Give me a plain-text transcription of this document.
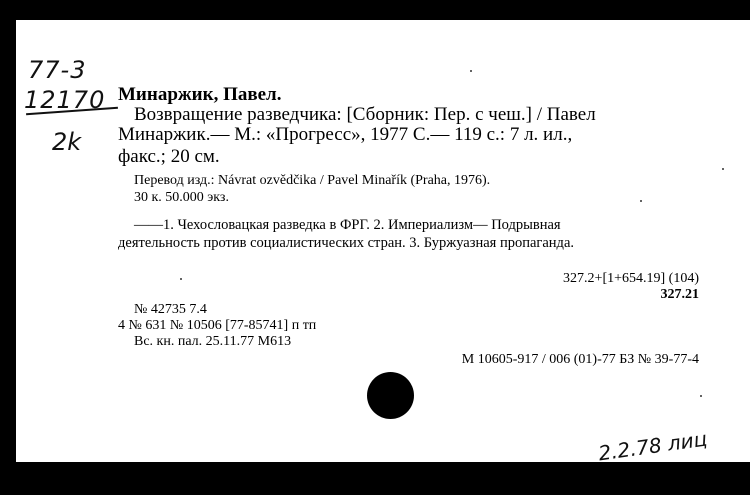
77-3
12170
2k
Минаржик, Павел.
Возвращение разведчика: [Сборник: Пер. с чеш.] / Павел
Минаржик.— М.: «Прогресс», 1977 С.— 119 с.: 7 л. ил.,
факс.; 20 см.
Перевод изд.: Návrat ozvědčika / Pavel Minařík (Praha, 1976).
30 к. 50.000 экз.
——1. Чехословацкая разведка в ФРГ. 2. Империализм— Подрывная
деятельность против социалистических стран. 3. Буржуазная пропаганда.
327.2+[1+654.19] (104)
327.21
№ 42735 7.4
4 № 631 № 10506 [77-85741] п тп
Вс. кн. пал. 25.11.77 М613
М 10605-917 / 006 (01)-77 БЗ № 39-77-4
2.2.78 лиц
